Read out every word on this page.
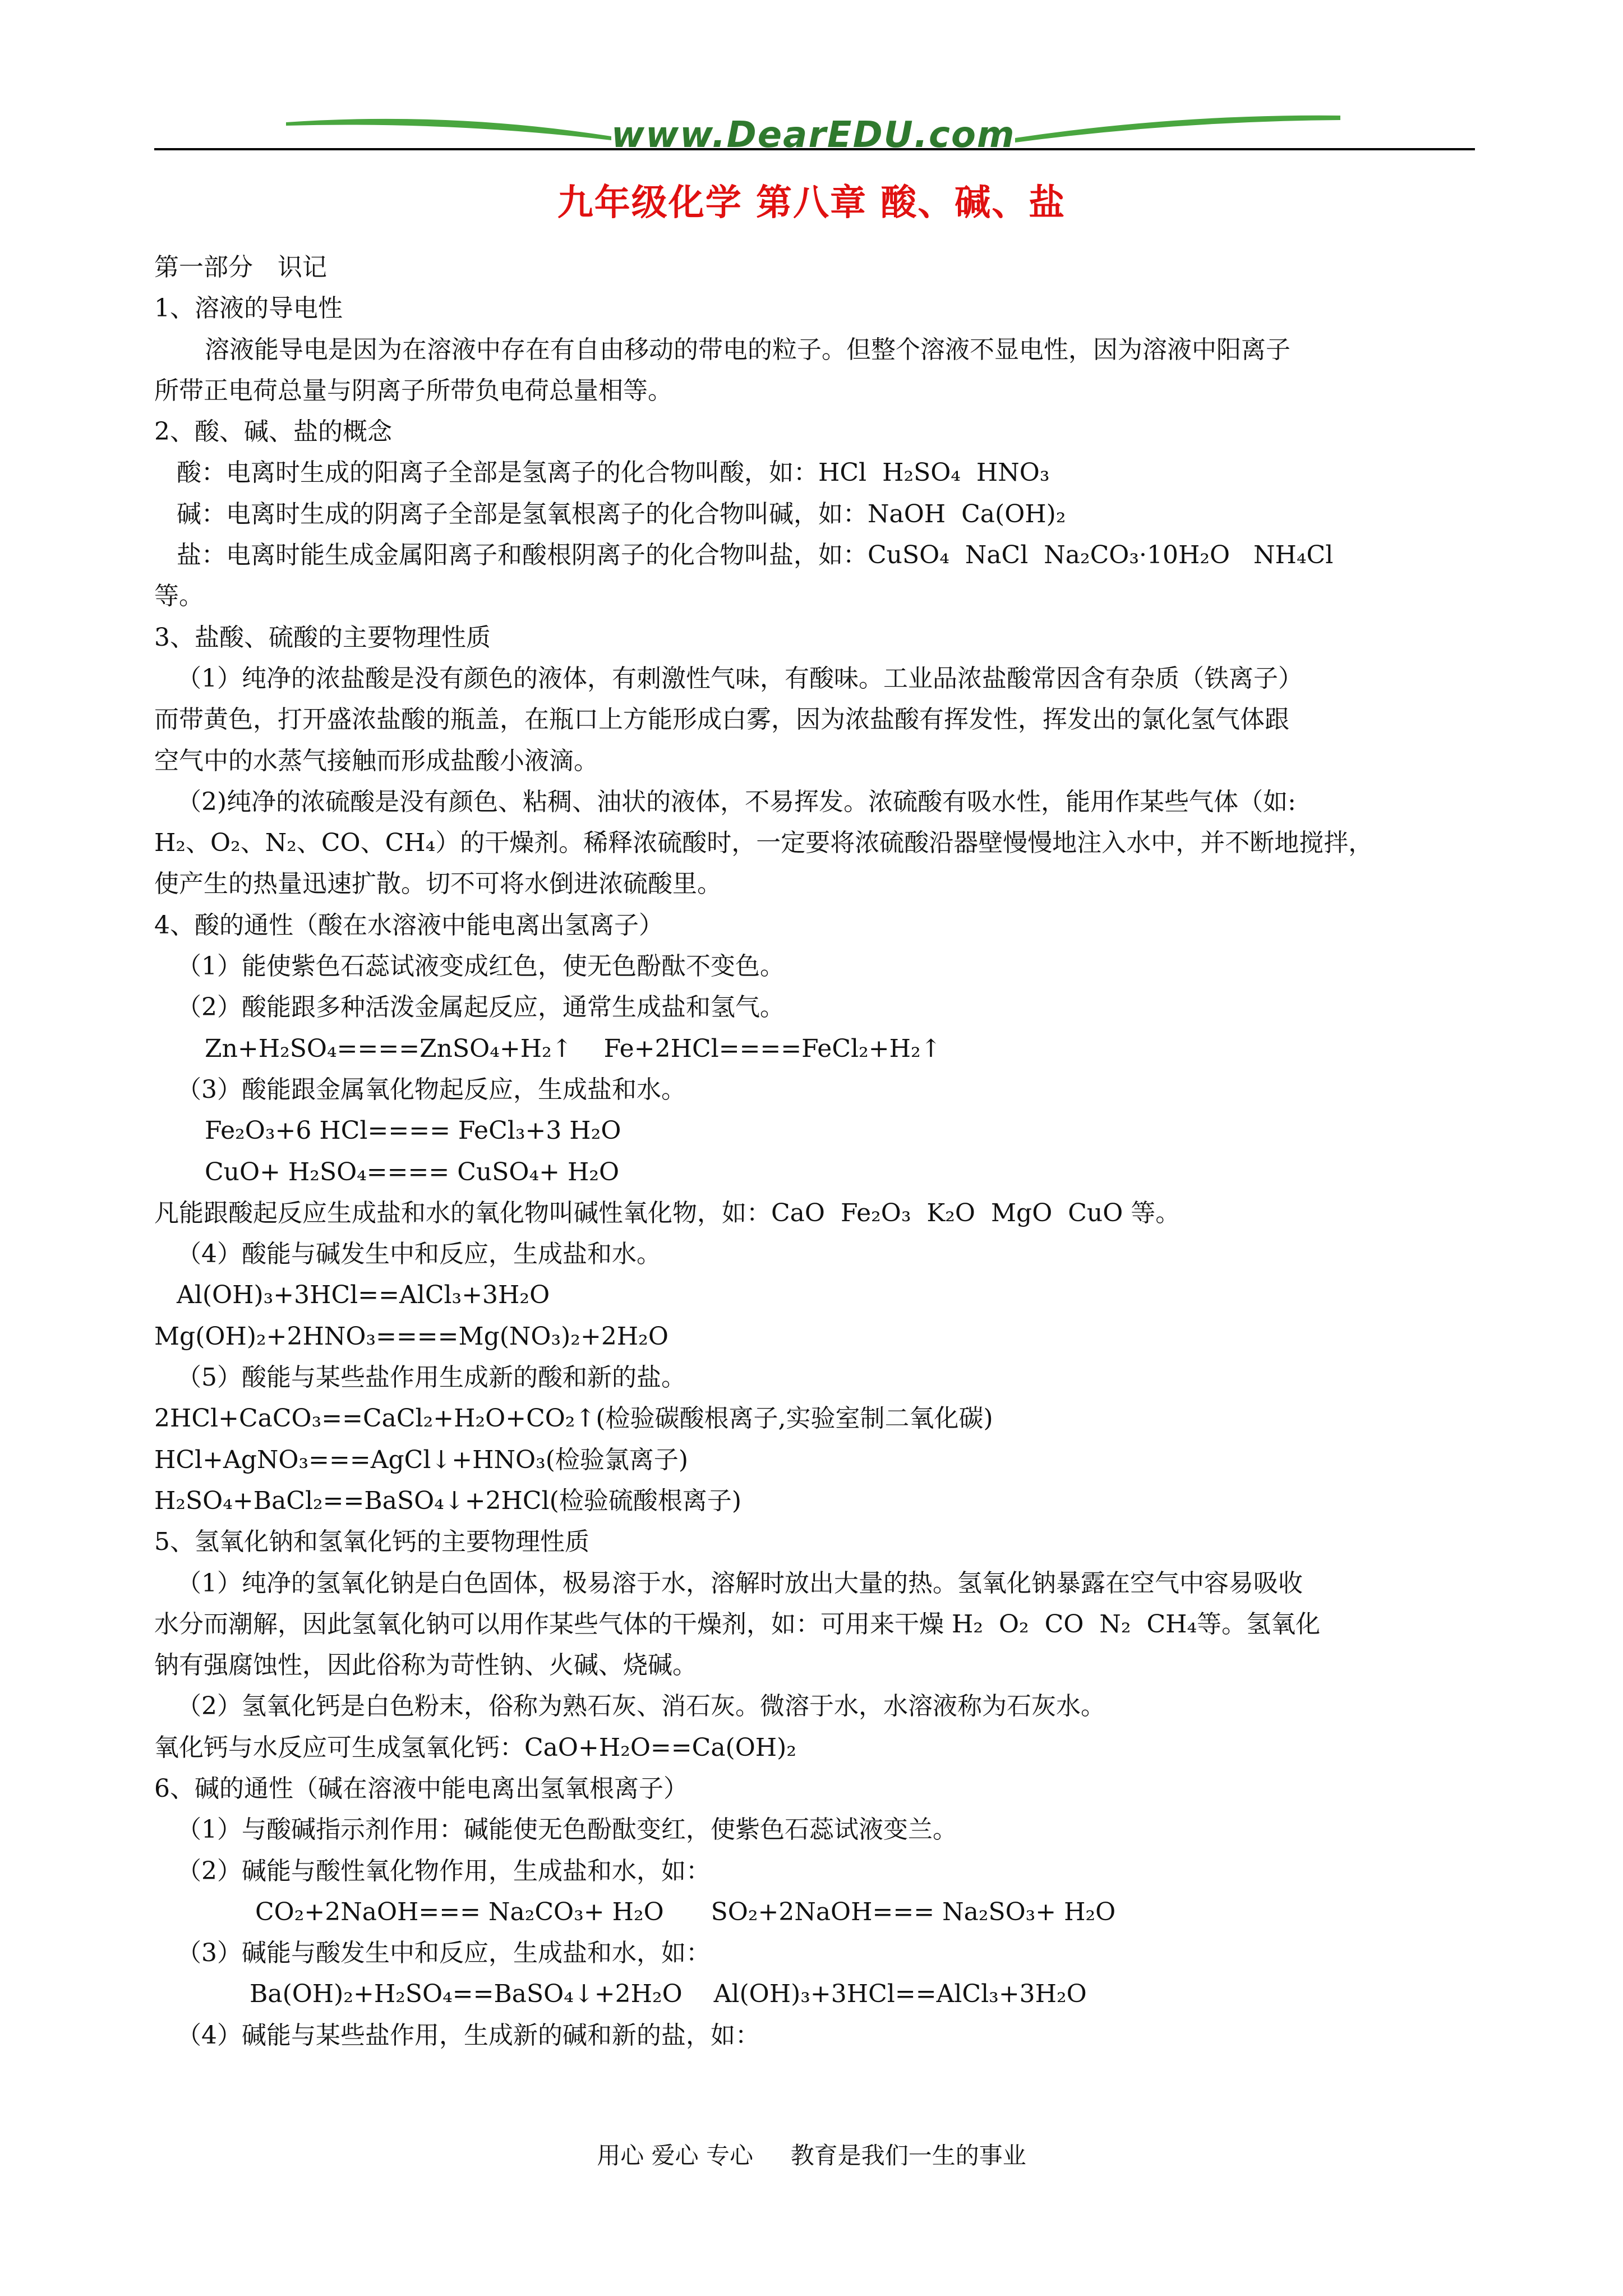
www.DearEDU.com
九年级化学 第八章 酸、碱、盐
第一部分　识记
1、溶液的导电性
溶液能导电是因为在溶液中存在有自由移动的带电的粒子。但整个溶液不显电性，因为溶液中阳离子
所带正电荷总量与阴离子所带负电荷总量相等。
2、酸、碱、盐的概念
酸：电离时生成的阳离子全部是氢离子的化合物叫酸，如：HCl  H₂SO₄  HNO₃
碱：电离时生成的阴离子全部是氢氧根离子的化合物叫碱，如：NaOH  Ca(OH)₂
盐：电离时能生成金属阳离子和酸根阴离子的化合物叫盐，如：CuSO₄  NaCl  Na₂CO₃·10H₂O   NH₄Cl
等。
3、盐酸、硫酸的主要物理性质
（1）纯净的浓盐酸是没有颜色的液体，有刺激性气味，有酸味。工业品浓盐酸常因含有杂质（铁离子）
而带黄色，打开盛浓盐酸的瓶盖，在瓶口上方能形成白雾，因为浓盐酸有挥发性，挥发出的氯化氢气体跟
空气中的水蒸气接触而形成盐酸小液滴。
（2)纯净的浓硫酸是没有颜色、粘稠、油状的液体，不易挥发。浓硫酸有吸水性，能用作某些气体（如:
H₂、O₂、N₂、CO、CH₄）的干燥剂。稀释浓硫酸时，一定要将浓硫酸沿器壁慢慢地注入水中，并不断地搅拌，
使产生的热量迅速扩散。切不可将水倒进浓硫酸里。
4、酸的通性（酸在水溶液中能电离出氢离子）
（1）能使紫色石蕊试液变成红色，使无色酚酞不变色。
（2）酸能跟多种活泼金属起反应，通常生成盐和氢气。
Zn+H₂SO₄====ZnSO₄+H₂↑    Fe+2HCl====FeCl₂+H₂↑
（3）酸能跟金属氧化物起反应，生成盐和水。
Fe₂O₃+6 HCl==== FeCl₃+3 H₂O
CuO+ H₂SO₄==== CuSO₄+ H₂O
凡能跟酸起反应生成盐和水的氧化物叫碱性氧化物，如：CaO  Fe₂O₃  K₂O  MgO  CuO 等。
（4）酸能与碱发生中和反应，生成盐和水。
Al(OH)₃+3HCl==AlCl₃+3H₂O
Mg(OH)₂+2HNO₃====Mg(NO₃)₂+2H₂O
（5）酸能与某些盐作用生成新的酸和新的盐。
2HCl+CaCO₃==CaCl₂+H₂O+CO₂↑(检验碳酸根离子,实验室制二氧化碳)
HCl+AgNO₃===AgCl↓+HNO₃(检验氯离子)
H₂SO₄+BaCl₂==BaSO₄↓+2HCl(检验硫酸根离子)
5、氢氧化钠和氢氧化钙的主要物理性质
（1）纯净的氢氧化钠是白色固体，极易溶于水，溶解时放出大量的热。氢氧化钠暴露在空气中容易吸收
水分而潮解，因此氢氧化钠可以用作某些气体的干燥剂，如：可用来干燥 H₂  O₂  CO  N₂  CH₄等。氢氧化
钠有强腐蚀性，因此俗称为苛性钠、火碱、烧碱。
（2）氢氧化钙是白色粉末，俗称为熟石灰、消石灰。微溶于水，水溶液称为石灰水。
氧化钙与水反应可生成氢氧化钙：CaO+H₂O==Ca(OH)₂
6、碱的通性（碱在溶液中能电离出氢氧根离子）
（1）与酸碱指示剂作用：碱能使无色酚酞变红，使紫色石蕊试液变兰。
（2）碱能与酸性氧化物作用，生成盐和水，如：
CO₂+2NaOH=== Na₂CO₃+ H₂O      SO₂+2NaOH=== Na₂SO₃+ H₂O
（3）碱能与酸发生中和反应，生成盐和水，如：
Ba(OH)₂+H₂SO₄==BaSO₄↓+2H₂O    Al(OH)₃+3HCl==AlCl₃+3H₂O
（4）碱能与某些盐作用，生成新的碱和新的盐，如：
用心 爱心 专心     教育是我们一生的事业
